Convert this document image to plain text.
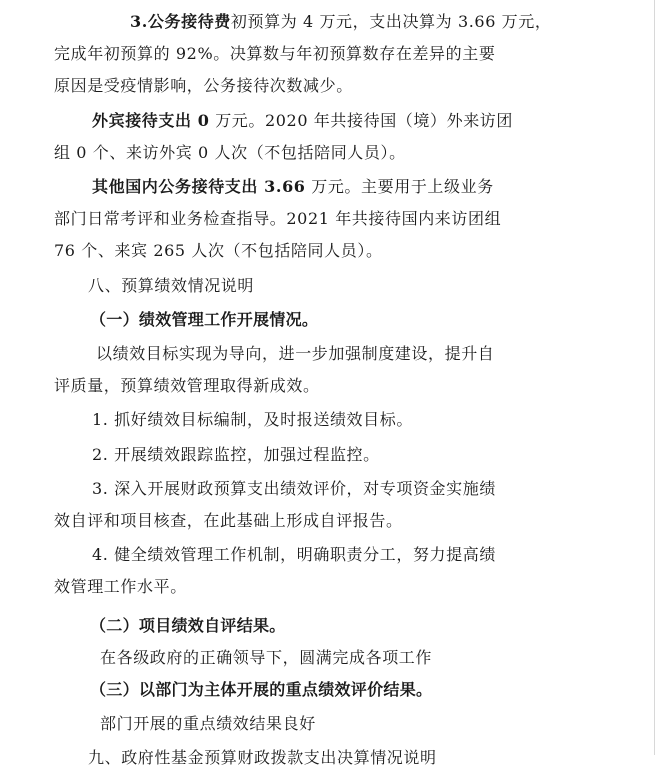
3.公务接待费初预算为 4 万元，支出决算为 3.66 万元，

完成年初预算的 92%。决算数与年初预算数存在差异的主要

原因是受疫情影响，公务接待次数减少。

外宾接待支出 0 万元。2020 年共接待国（境）外来访团

组 0 个、来访外宾 0 人次（不包括陪同人员）。

其他国内公务接待支出 3.66 万元。主要用于上级业务

部门日常考评和业务检查指导。2021 年共接待国内来访团组

76 个、来宾 265 人次（不包括陪同人员）。

八、预算绩效情况说明

（一）绩效管理工作开展情况。

以绩效目标实现为导向，进一步加强制度建设，提升自

评质量，预算绩效管理取得新成效。

1. 抓好绩效目标编制，及时报送绩效目标。

2. 开展绩效跟踪监控，加强过程监控。

3. 深入开展财政预算支出绩效评价，对专项资金实施绩

效自评和项目核查，在此基础上形成自评报告。

4. 健全绩效管理工作机制，明确职责分工，努力提高绩

效管理工作水平。

（二）项目绩效自评结果。

在各级政府的正确领导下，圆满完成各项工作

（三）以部门为主体开展的重点绩效评价结果。

部门开展的重点绩效结果良好

九、政府性基金预算财政拨款支出决算情况说明
